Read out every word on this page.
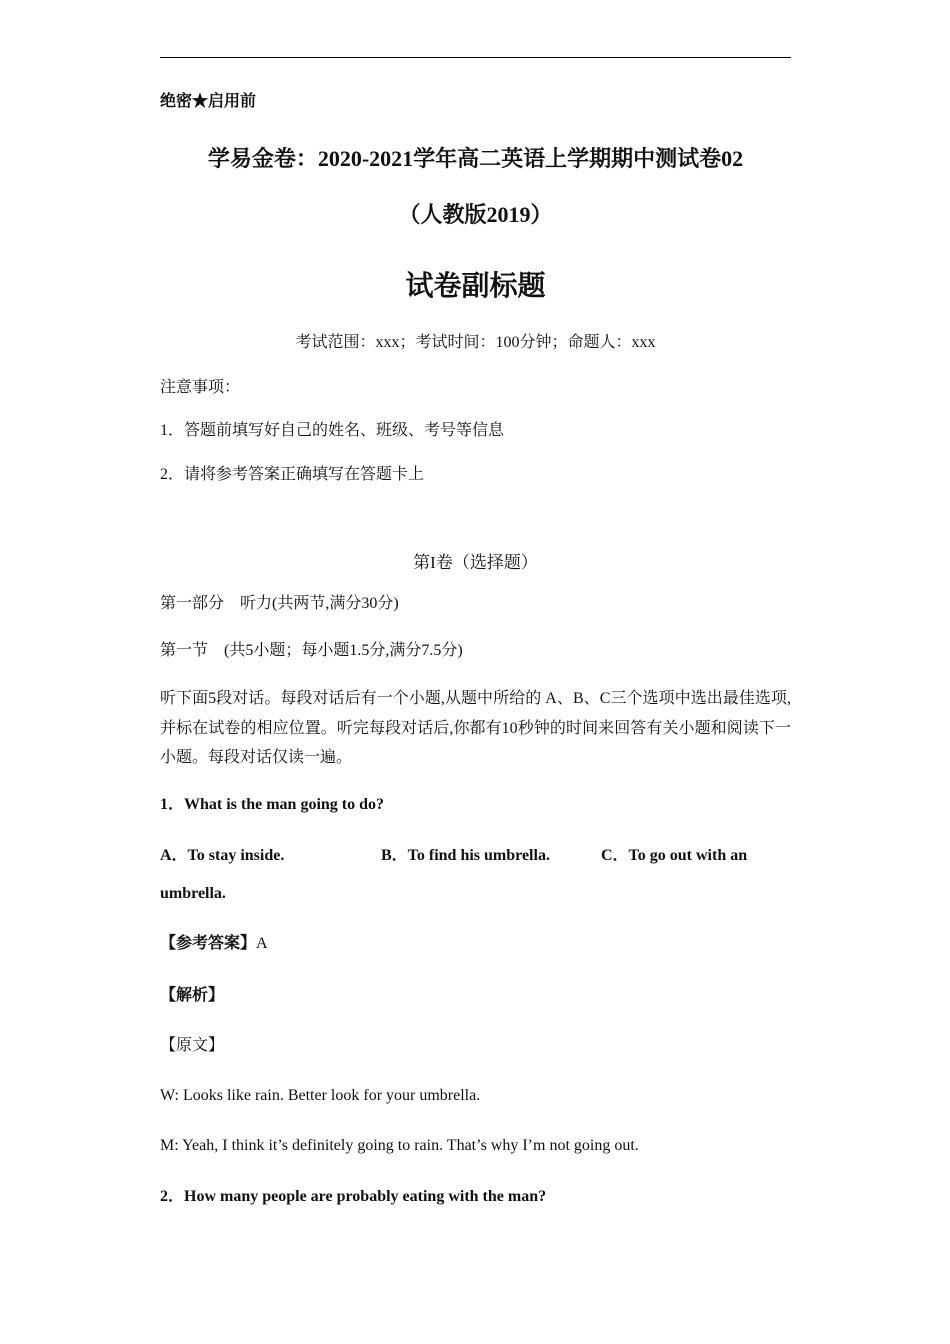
绝密★启用前
学易金卷：2020-2021学年高二英语上学期期中测试卷02
（人教版2019）
试卷副标题
考试范围：xxx；考试时间：100分钟；命题人：xxx
注意事项：
1．答题前填写好自己的姓名、班级、考号等信息
2．请将参考答案正确填写在答题卡上
第I卷（选择题）
第一部分　听力(共两节,满分30分)
第一节　(共5小题；每小题1.5分,满分7.5分)
听下面5段对话。每段对话后有一个小题,从题中所给的 A、B、C三个选项中选出最佳选项,并标在试卷的相应位置。听完每段对话后,你都有10秒钟的时间来回答有关小题和阅读下一小题。每段对话仅读一遍。
1．What is the man going to do?
A．To stay inside.	B．To find his umbrella.	C．To go out with an
umbrella.
【参考答案】A
【解析】
【原文】
W: Looks like rain. Better look for your umbrella.
M: Yeah, I think it’s definitely going to rain. That’s why I’m not going out.
2．How many people are probably eating with the man?
